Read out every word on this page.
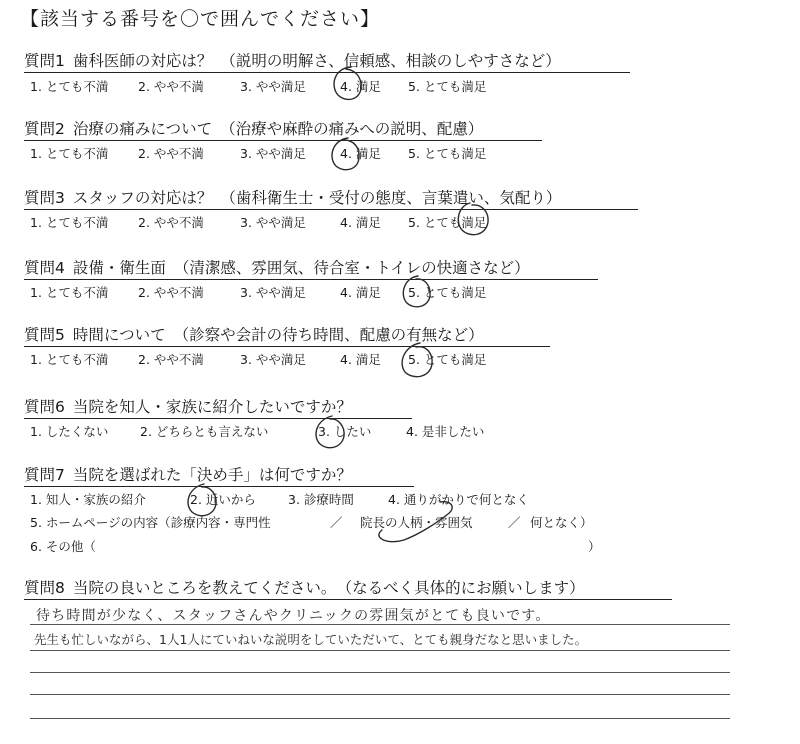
【該当する番号を〇で囲んでください】
質問1 歯科医師の対応は？ （説明の明解さ、信頼感、相談のしやすさなど）
1. とても不満 2. やや不満	3. やや満足	4. 満足 5. とても満足
質問2 治療の痛みについて （治療や麻酔の痛みへの説明、配慮）
1. とても不満 2. やや不満	3. やや満足	4. 満足 5. とても満足
質問3 スタッフの対応は？ （歯科衛生士・受付の態度、言葉遣い、気配り）
1. とても不満 2. やや不満	3. やや満足	4. 満足 5. とても満足
質問4 設備・衛生面 （清潔感、雰囲気、待合室・トイレの快適さなど）
1. とても不満 2. やや不満	3. やや満足	4. 満足 5. とても満足
質問5 時間について （診察や会計の待ち時間、配慮の有無など）
1. とても不満 2. やや不満	3. やや満足	4. 満足 5. とても満足
質問6 当院を知人・家族に紹介したいですか？
1. したくない	2. どちらとも言えない	3. したい	4. 是非したい
質問7 当院を選ばれた「決め手」は何ですか？
1. 知人・家族の紹介	2. 近いから	3. 診療時間	4. 通りがかりで何となく
5. ホームページの内容（診療内容・専門性	／ 院長の人柄・雰囲気	／ 何となく）
6. その他（	）
質問8 当院の良いところを教えてください。 （なるべく具体的にお願いします）
待ち時間が少なく、スタッフさんやクリニックの雰囲気がとても良いです。
先生も忙しいながら、1人1人にていねいな説明をしていただいて、とても親身だなと思いました。
